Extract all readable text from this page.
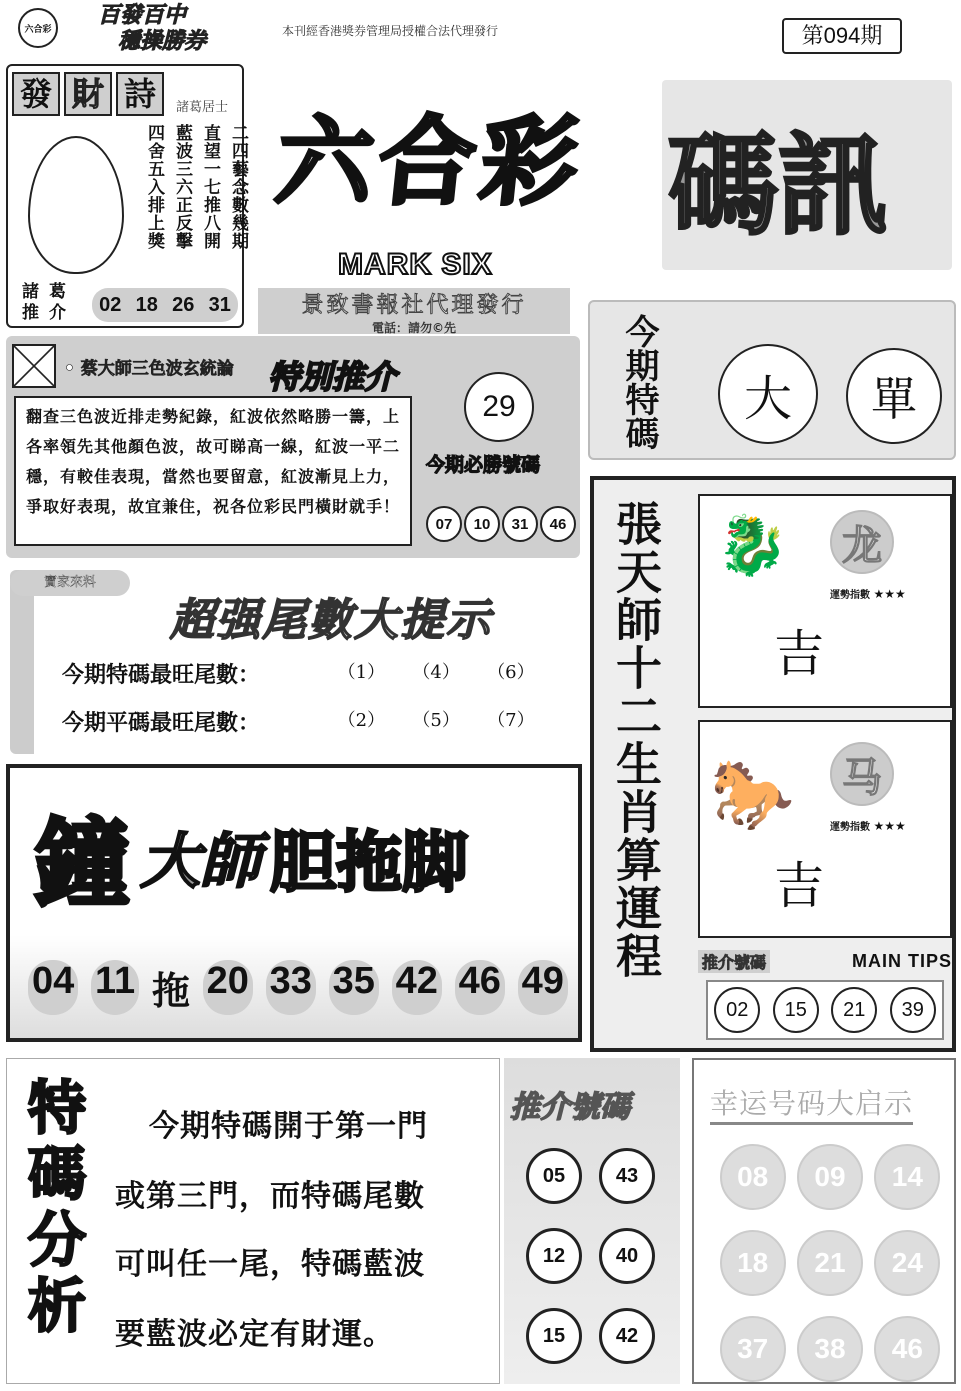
六合彩
百發百中
穩操勝券	本刊經香港獎券管理局授權合法代理發行	第094期
發 財 詩	諸葛居士
二四藝念數幾期
直望一七推八開
藍波三六正反擊
四舍五入排上獎
諸葛推介 02 18 26 31
六合彩 碼訊
MARK SIX
景致書報社代理發行
電話：請勿©先	今期特碼 大 單
• 蔡大師三色波玄統論 特別推介
翻查三色波近排走勢紀錄，紅波依然略勝一籌，上各率領先其他顏色波，故可睇高一線，紅波一平二穩，有較佳表現，當然也要留意，紅波漸見上力，爭取好表現，故宜兼住，祝各位彩民門橫財就手！
29
今期必勝號碼
07	10	31	46
寶家來料
超强尾數大提示
今期特碼最旺尾數：	（1）	（4）	（6）
今期平碼最旺尾數：	（2）	（5）	（7）
鐘 大師 胆拖脚
04 11 拖 20 33 35 42 46 49
張天師十二生肖算運程 🐉 龙
運勢指數 ★★★
吉
🐎 马
運勢指數 ★★★
吉
推介號碼	MAIN TIPS
02	15	21	39
特碼分析 今期特碼開于第一門
或第三門，而特碼尾數
可叫任一尾，特碼藍波
要藍波必定有財運。
推介號碼
05	43
12	40
15	42
幸运号码大启示
08	09	14
18	21	24
37	38	46
